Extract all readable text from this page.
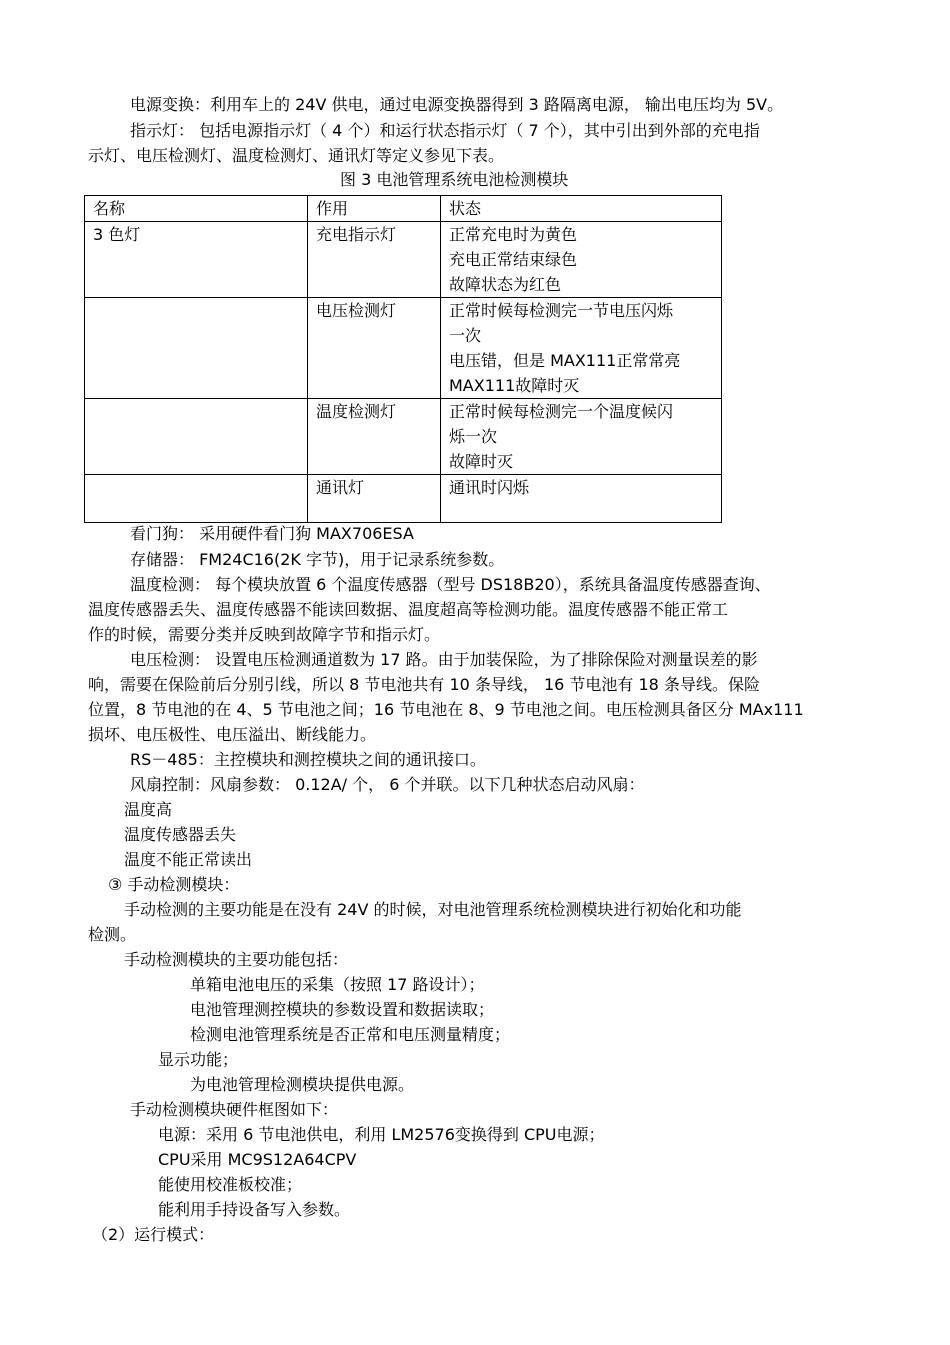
电源变换：利用车上的 24V 供电，通过电源变换器得到 3 路隔离电源， 输出电压均为 5V。
指示灯： 包括电源指示灯（ 4 个）和运行状态指示灯（ 7 个），其中引出到外部的充电指
示灯、电压检测灯、温度检测灯、通讯灯等定义参见下表。
图 3 电池管理系统电池检测模块
名称	作用	状态
3 色灯	充电指示灯	正常充电时为黄色
充电正常结束绿色
故障状态为红色

	电压检测灯	正常时候每检测完一节电压闪烁
一次
电压错，但是 MAX111正常常亮
MAX111故障时灭

	温度检测灯	正常时候每检测完一个温度候闪
烁一次
故障时灭

	通讯灯	通讯时闪烁
看门狗： 采用硬件看门狗 MAX706ESA
存储器： FM24C16(2K 字节)，用于记录系统参数。
温度检测： 每个模块放置 6 个温度传感器（型号 DS18B20），系统具备温度传感器查询、
温度传感器丢失、温度传感器不能读回数据、温度超高等检测功能。温度传感器不能正常工
作的时候，需要分类并反映到故障字节和指示灯。
电压检测： 设置电压检测通道数为 17 路。由于加装保险，为了排除保险对测量误差的影
响，需要在保险前后分别引线，所以 8 节电池共有 10 条导线， 16 节电池有 18 条导线。保险
位置，8 节电池的在 4、5 节电池之间；16 节电池在 8、9 节电池之间。电压检测具备区分 MAx111
损坏、电压极性、电压溢出、断线能力。
RS－485：主控模块和测控模块之间的通讯接口。
风扇控制：风扇参数： 0.12A/ 个， 6 个并联。以下几种状态启动风扇：
温度高
温度传感器丢失
温度不能正常读出
③ 手动检测模块：
手动检测的主要功能是在没有 24V 的时候，对电池管理系统检测模块进行初始化和功能
检测。
手动检测模块的主要功能包括：
单箱电池电压的采集（按照 17 路设计）；
电池管理测控模块的参数设置和数据读取；
检测电池管理系统是否正常和电压测量精度；
显示功能；
为电池管理检测模块提供电源。
手动检测模块硬件框图如下：
电源：采用 6 节电池供电，利用 LM2576变换得到 CPU电源；
CPU采用 MC9S12A64CPV
能使用校准板校准；
能利用手持设备写入参数。
（2）运行模式：
